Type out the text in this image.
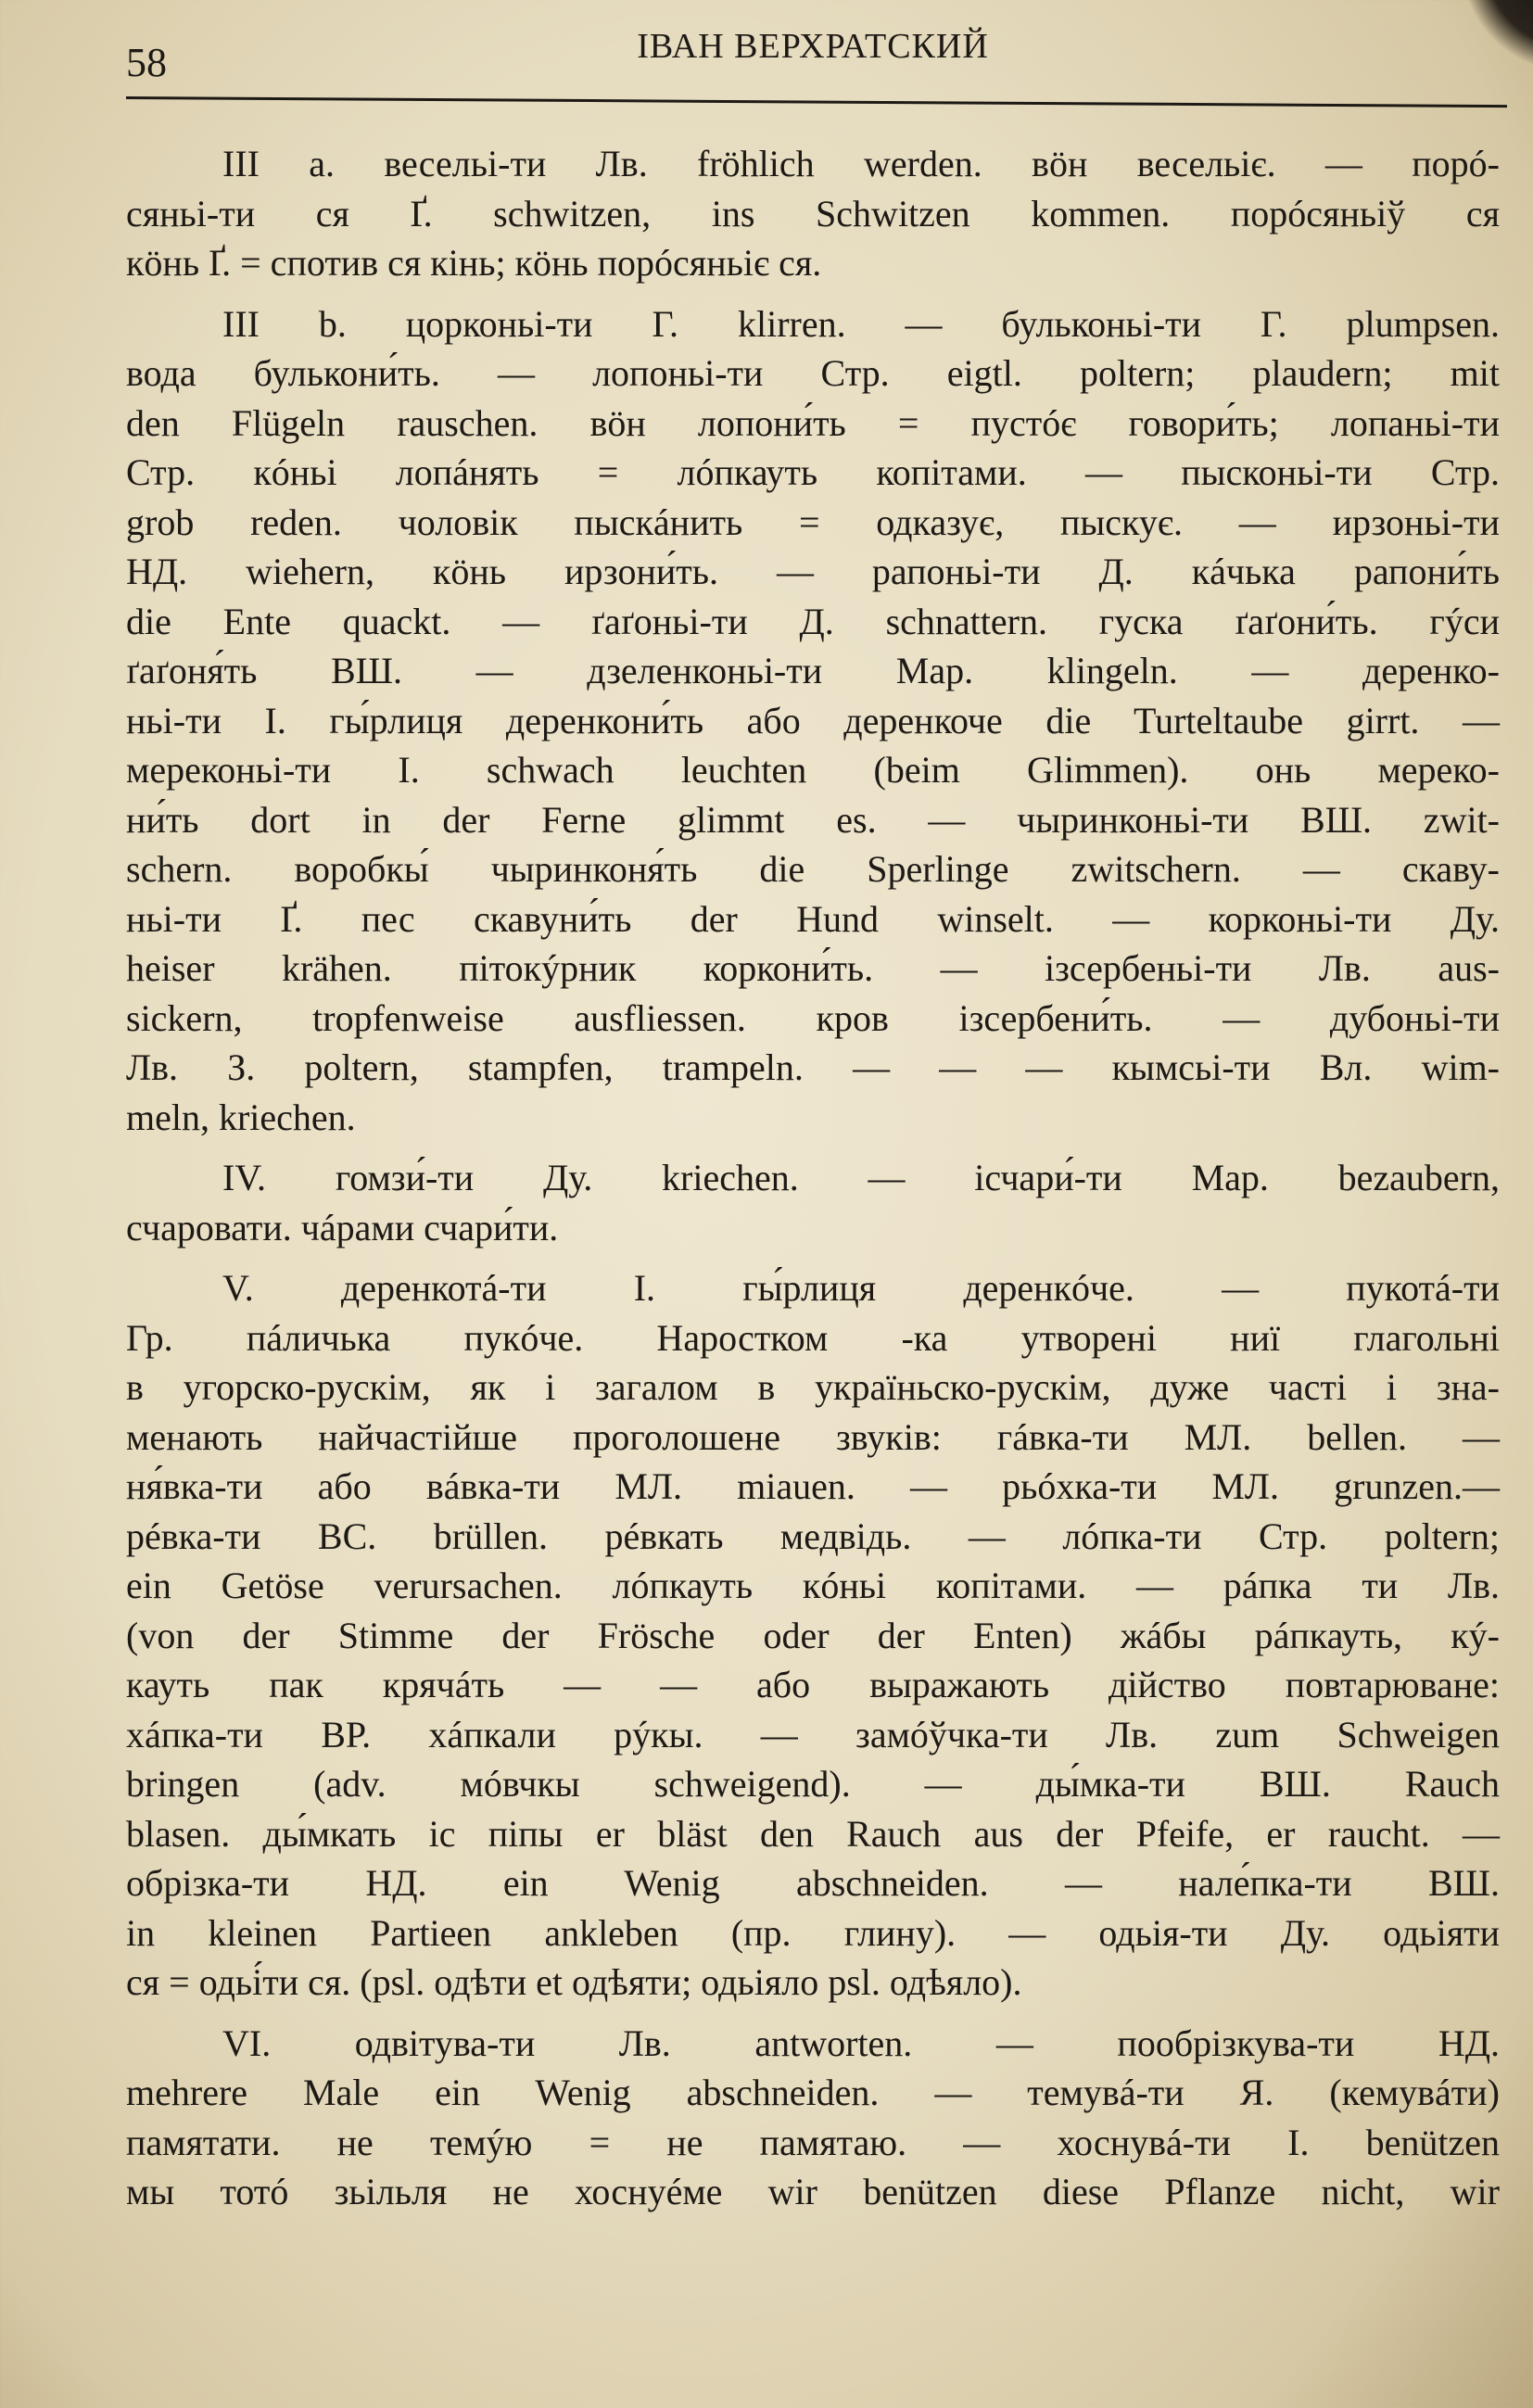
58	ІВАН ВЕРХРАТСКИЙ
III a. весельі-ти Лв. fröhlich werden. вöн весельіє. — порó-
сяньі-ти ся Ґ. schwitzen, ins Schwitzen kommen. порóсяньіў ся
кöнь Ґ. = спотив ся кінь; кöнь порóсяньіє ся.
III b. цорконьі-ти Г. klirren. — бульконьі-ти Г. plumpsen.
вода булькони́ть. — лопоньі-ти Стр. eigtl. poltern; plaudern; mit
den Flügeln rauschen. вöн лопони́ть = пустóє говори́ть; лопаньі-ти
Стр. кóньі лопáнять = лóпкауть копітами. — пысконьі-ти Стр.
grob reden. чоловік пыскáнить = одказує, пыскує. — ирзоньі-ти
НД. wiehern, кöнь ирзони́ть. — рапоньі-ти Д. кáчька рапони́ть
die Ente quackt. — ґаґоньі-ти Д. schnattern. гуска ґаґони́ть. гýси
ґаґоня́ть ВШ. — дзеленконьі-ти Мар. klingeln. — деренко-
ньі-ти І. гы́рлиця деренкони́ть або деренкоче die Turteltaube girrt. —
мереконьі-ти І. schwach leuchten (beim Glimmen). онь мереко-
ни́ть dort in der Ferne glimmt es. — чыринконьі-ти ВШ. zwit-
schern. воробкы́ чыринконя́ть die Sperlinge zwitschern. — скаву-
ньі-ти Ґ. пес скавуни́ть der Hund winselt. — корконьі-ти Ду.
heiser krähen. пітокýрник коркони́ть. — ізсербеньі-ти Лв. aus-
sickern, tropfenweise ausfliessen. кров ізсербени́ть. — дубоньі-ти
Лв. З. poltern, stampfen, trampeln. — — — кымсьі-ти Вл. wim-
meln, kriechen.
IV. гомзи́-ти Ду. kriechen. — ісчари́-ти Мар. bezaubern,
счаровати. чáрами счари́ти.
V. деренкотá-ти І. гы́рлиця деренкóче. — пукотá-ти
Гр. пáличька пукóче. Наростком -ка утворені ниї глагольні
в угорско-рускім, як і загалом в украïньско-рускім, дуже часті і зна-
менають найчастійше проголошене звуків: гáвка-ти МЛ. bellen. —
ня́вка-ти або вáвка-ти МЛ. miauen. — рьóхка-ти МЛ. grunzen.—
рéвка-ти ВС. brüllen. рéвкать медвідь. — лóпка-ти Стр. poltern;
ein Getöse verursachen. лóпкауть кóньі копітами. — рáпка ти Лв.
(von der Stimme der Frösche oder der Enten) жáбы рáпкауть, кý-
кауть пак крячáть — — або выражають дійство повтарюване:
хáпка-ти ВР. хáпкали рýкы. — замóўчка-ти Лв. zum Schweigen
bringen (adv. мóвчкы schweigend). — ды́мка-ти ВШ. Rauch
blasen. ды́мкать іс піпы er bläst den Rauch aus der Pfeife, er raucht. —
обрізка-ти НД. ein Wenig abschneiden. — нале́пка-ти ВШ.
in kleinen Partieen ankleben (пр. глину). — одьія-ти Ду. одьіяти
ся = одьі́ти ся. (psl. одѣти et одѣяти; одьіяло psl. одѣяло).
VI. одвітува-ти Лв. antworten. — пообрізкува-ти НД.
mehrere Male ein Wenig abschneiden. — темувá-ти Я. (кемувáти)
памятати. не темýю = не памятаю. — хоснувá-ти І. benützen
мы тотó зьільля не хоснуéме wir benützen diese Pflanze nicht, wir
